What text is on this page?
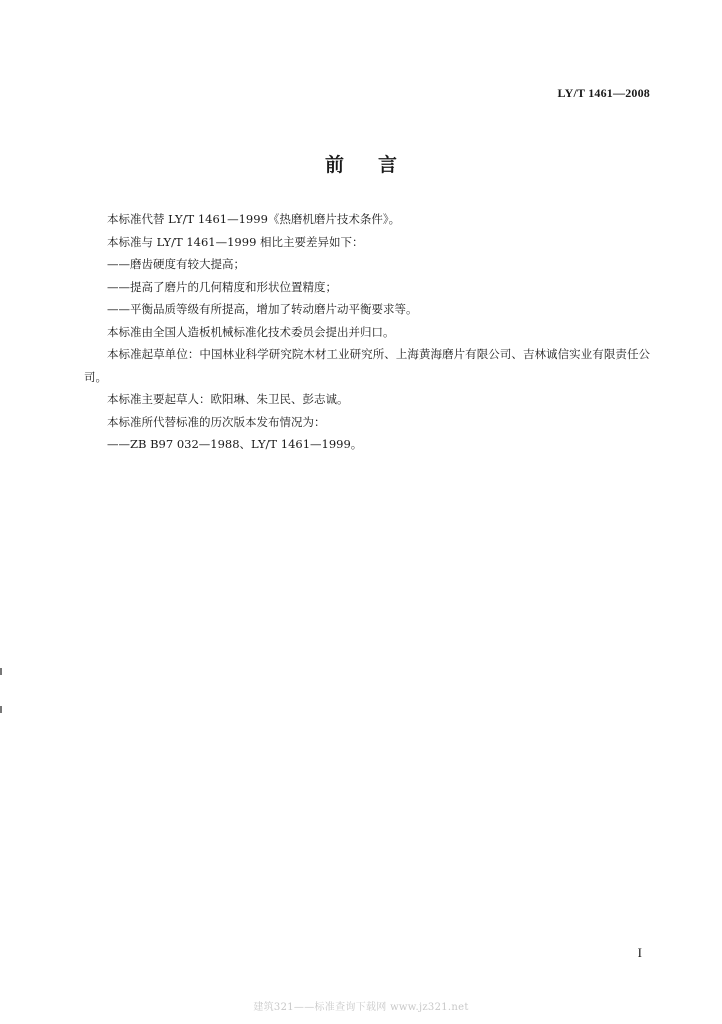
LY/T 1461—2008
前言

本标准代替 LY/T 1461—1999《热磨机磨片技术条件》。

本标准与 LY/T 1461—1999 相比主要差异如下：

——磨齿硬度有较大提高；

——提高了磨片的几何精度和形状位置精度；

——平衡品质等级有所提高，增加了转动磨片动平衡要求等。

本标准由全国人造板机械标准化技术委员会提出并归口。

本标准起草单位：中国林业科学研究院木材工业研究所、上海黄海磨片有限公司、吉林诚信实业有限责任公司。

本标准主要起草人：欧阳琳、朱卫民、彭志诚。

本标准所代替标准的历次版本发布情况为：

——ZB B97 032—1988、LY/T 1461—1999。

I
建筑321——标准查询下载网 www.jz321.net
